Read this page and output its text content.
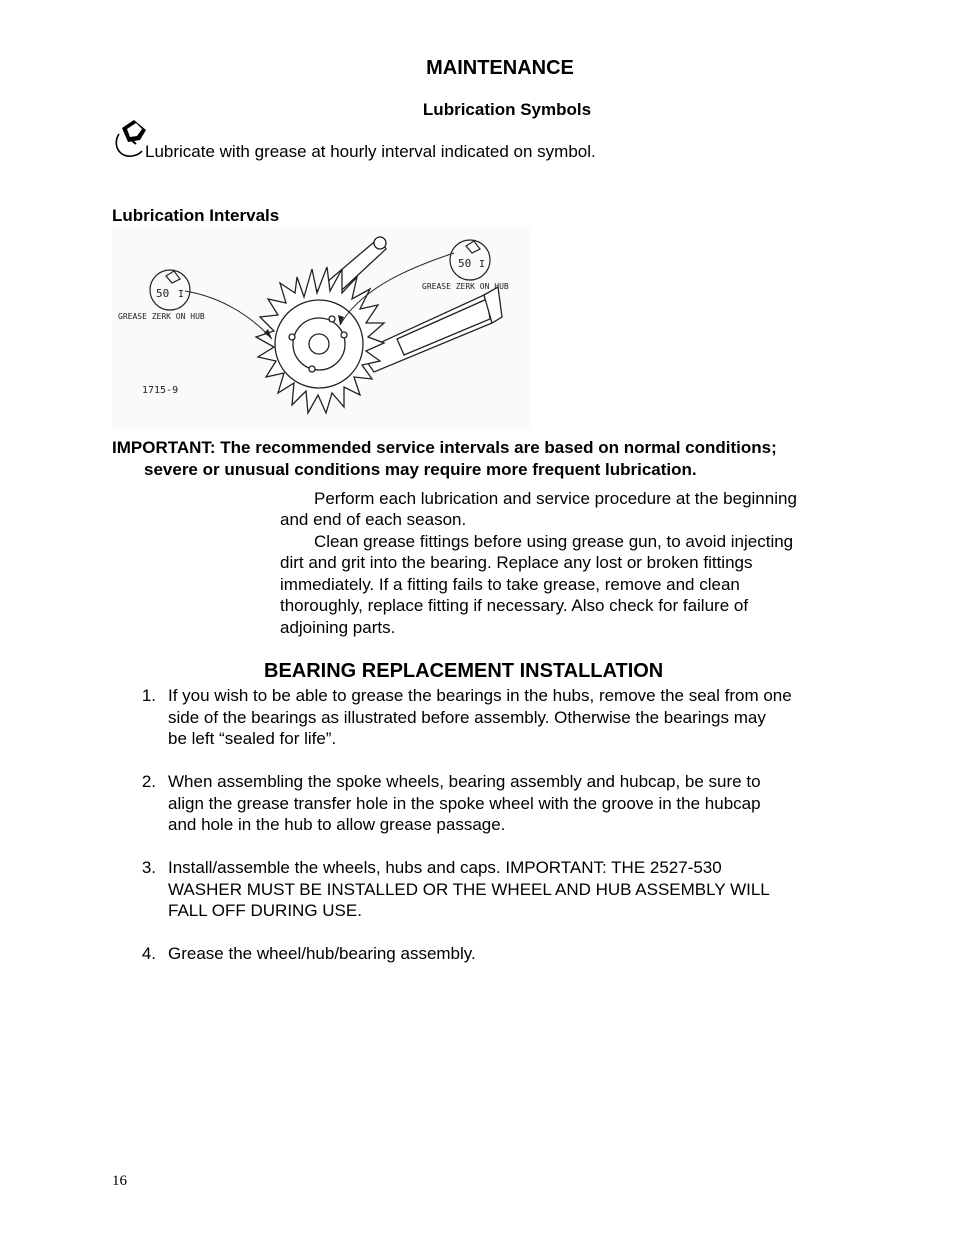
MAINTENANCE
Lubrication Symbols
Lubricate with grease at hourly interval indicated on symbol.
Lubrication Intervals
50 I
GREASE ZERK ON HUB
50 I
GREASE ZERK ON HUB
1715-9
IMPORTANT: The recommended service intervals are based on normal conditions;
severe or unusual conditions may require more frequent lubrication.
Perform each lubrication and service procedure at the beginning
and end of each season.
Clean grease fittings before using grease gun, to avoid injecting
dirt and grit into the bearing. Replace any lost or broken fittings
immediately. If a fitting fails to take grease, remove and clean
thoroughly, replace fitting if necessary. Also check for failure of
adjoining parts.
BEARING REPLACEMENT INSTALLATION
1. If you wish to be able to grease the bearings in the hubs, remove the seal from one
side of the bearings as illustrated before assembly. Otherwise the bearings may
be left “sealed for life”.
2. When assembling the spoke wheels, bearing assembly and hubcap, be sure to
align the grease transfer hole in the spoke wheel with the groove in the hubcap
and hole in the hub to allow grease passage.
3. Install/assemble the wheels, hubs and caps. IMPORTANT: THE 2527-530
WASHER MUST BE INSTALLED OR THE WHEEL AND HUB ASSEMBLY WILL
FALL OFF DURING USE.
4. Grease the wheel/hub/bearing assembly.
16
